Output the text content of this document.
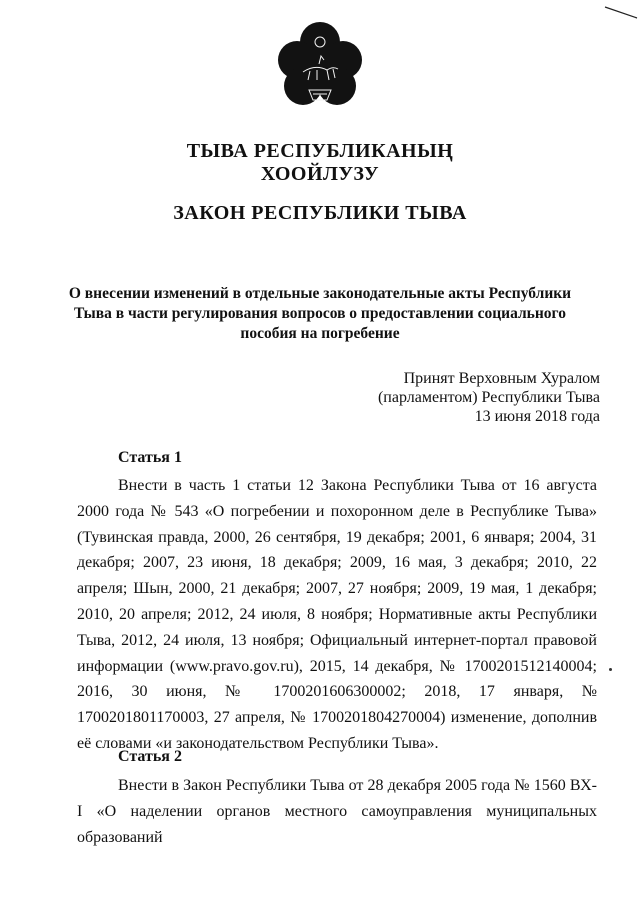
ТЫВА РЕСПУБЛИКАНЫҢ
ХООЙЛУЗУ
ЗАКОН РЕСПУБЛИКИ ТЫВА
О внесении изменений в отдельные законодательные акты Республики Тыва в части регулирования вопросов о предоставлении социального пособия на погребение
Принят Верховным Хуралом
(парламентом) Республики Тыва
13 июня 2018 года
Статья 1
Внести в часть 1 статьи 12 Закона Республики Тыва от 16 августа 2000 года № 543 «О погребении и похоронном деле в Республике Тыва» (Тувинская правда, 2000, 26 сентября, 19 декабря; 2001, 6 января; 2004, 31 декабря; 2007, 23 июня, 18 декабря; 2009, 16 мая, 3 декабря; 2010, 22 апреля; Шын, 2000, 21 декабря; 2007, 27 ноября; 2009, 19 мая, 1 декабря; 2010, 20 апреля; 2012, 24 июля, 8 ноября; Нормативные акты Республики Тыва, 2012, 24 июля, 13 ноября; Официальный интернет-портал правовой информации (www.pravo.gov.ru), 2015, 14 декабря, № 1700201512140004; 2016, 30 июня, № 1700201606300002; 2018, 17 января, № 1700201801170003, 27 апреля, № 1700201804270004) изменение, дополнив её словами «и законодательством Республики Тыва».
Статья 2
Внести в Закон Республики Тыва от 28 декабря 2005 года № 1560 ВХ-I «О наделении органов местного самоуправления муниципальных образований
